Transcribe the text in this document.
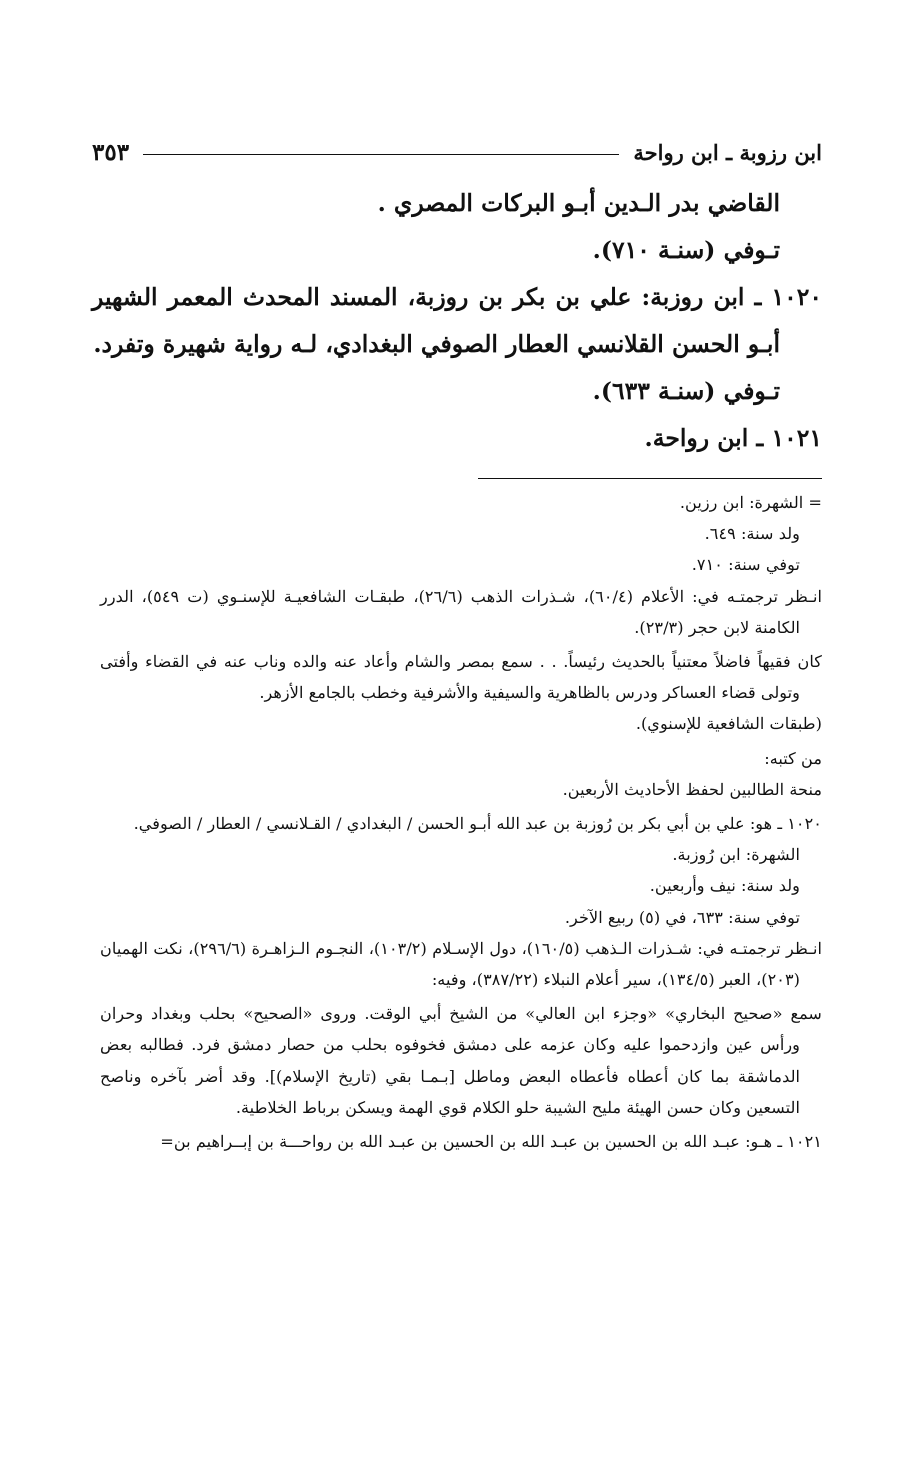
ابن رزوبة ـ ابن رواحة
٣٥٣

القاضي بدر الـدين أبـو البركات المصري .

تـوفي (سنـة ٧١٠).

١٠٢٠ ـ ابن روزبة: علي بن بكر بن روزبة، المسند المحدث المعمر الشهير أبـو الحسن القلانسي العطار الصوفي البغدادي، لـه رواية شهيرة وتفرد.

تـوفي (سنـة ٦٣٣).

١٠٢١ ـ ابن رواحة.

= الشهرة: ابن رزين.

ولد سنة: ٦٤٩.

توفي سنة: ٧١٠.

انـظر ترجمتـه في: الأعلام (٦٠/٤)، شـذرات الذهب (٢٦/٦)، طبقـات الشافعيـة للإسنـوي (ت ٥٤٩)، الدرر الكامنة لابن حجر (٢٣/٣).

كان فقيهاً فاضلاً معتنياً بالحديث رئيساً. . . سمع بمصر والشام وأعاد عنه والده وناب عنه في القضاء وأفتى وتولى قضاء العساكر ودرس بالظاهرية والسيفية والأشرفية وخطب بالجامع الأزهر.

(طبقات الشافعية للإسنوي).

من كتبه:

منحة الطالبين لحفظ الأحاديث الأربعين.

١٠٢٠ ـ هو: علي بن أبي بكر بن رُوزبة بن عبد الله أبـو الحسن / البغدادي / القـلانسي / العطار / الصوفي.

الشهرة: ابن رُوزبة.

ولد سنة: نيف وأربعين.

توفي سنة: ٦٣٣، في (٥) ربيع الآخر.

انـظر ترجمتـه في: شـذرات الـذهب (١٦٠/٥)، دول الإسـلام (١٠٣/٢)، النجـوم الـزاهـرة (٢٩٦/٦)، نكت الهميان (٢٠٣)، العبر (١٣٤/٥)، سير أعلام النبلاء (٣٨٧/٢٢)، وفيه:

سمع «صحيح البخاري» «وجزء ابن العالي» من الشيخ أبي الوقت. وروى «الصحيح» بحلب وبغداد وحران ورأس عين وازدحموا عليه وكان عزمه على دمشق فخوفوه بحلب من حصار دمشق فرد. فطالبه بعض الدماشقة بما كان أعطاه فأعطاه البعض وماطل [بـمـا بقي (تاريخ الإسلام)]. وقد أضر بآخره وناصح التسعين وكان حسن الهيئة مليح الشيبة حلو الكلام قوي الهمة ويسكن برباط الخلاطية.

١٠٢١ ـ هـو: عبـد الله بن الحسين بن عبـد الله بن الحسين بن عبـد الله بن رواحـــة بن إبــراهيم بن=
